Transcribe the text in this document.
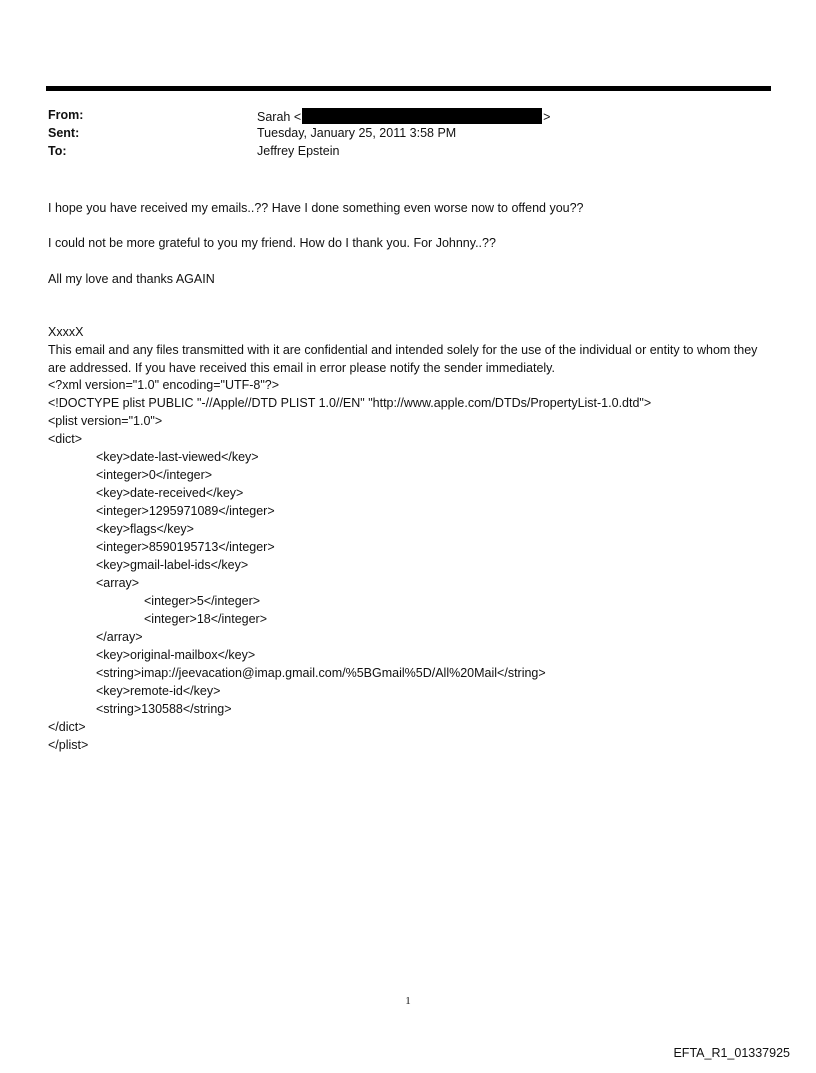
From:
Sent:
To:
Sarah <	>
Tuesday, January 25, 2011 3:58 PM
Jeffrey Epstein
I hope you have received my emails..?? Have I done something even worse now to offend you??
I could not be more grateful to you my friend. How do I thank you. For Johnny..??
All my love and thanks AGAIN
XxxxX
This email and any files transmitted with it are confidential and intended solely for the use of the individual or entity to whom they are addressed. If you have received this email in error please notify the sender immediately.
<?xml version="1.0" encoding="UTF-8"?>
<!DOCTYPE plist PUBLIC "-//Apple//DTD PLIST 1.0//EN" "http://www.apple.com/DTDs/PropertyList-1.0.dtd">
<plist version="1.0">
<dict>
<key>date-last-viewed</key>
<integer>0</integer>
<key>date-received</key>
<integer>1295971089</integer>
<key>flags</key>
<integer>8590195713</integer>
<key>gmail-label-ids</key>
<array>
<integer>5</integer>
<integer>18</integer>
</array>
<key>original-mailbox</key>
<string>imap://jeevacation@imap.gmail.com/%5BGmail%5D/All%20Mail</string>
<key>remote-id</key>
<string>130588</string>
</dict>
</plist>
1
EFTA_R1_01337925
